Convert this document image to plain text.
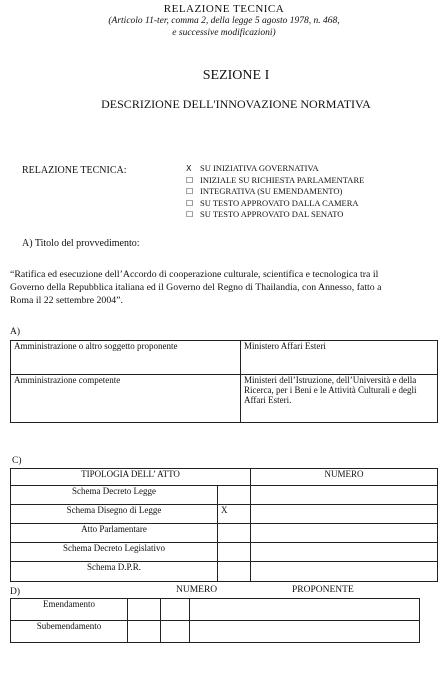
RELAZIONE TECNICA
(Articolo 11-ter, comma 2, della legge 5 agosto 1978, n. 468,
e successive modificazioni)
SEZIONE I
DESCRIZIONE DELL'INNOVAZIONE NORMATIVA
RELAZIONE TECNICA:	X SU INIZIATIVA GOVERNATIVA
☐ INIZIALE SU RICHIESTA PARLAMENTARE
☐ INTEGRATIVA (SU EMENDAMENTO)
☐ SU TESTO APPROVATO DALLA CAMERA
☐ SU TESTO APPROVATO DAL SENATO
A) Titolo del provvedimento:
“Ratifica ed esecuzione dell’Accordo di cooperazione culturale, scientifica e tecnologica tra il
Governo della Repubblica italiana ed il Governo del Regno di Thailandia, con Annesso, fatto a
Roma il 22 settembre 2004”.
A)
Amministrazione o altro soggetto proponente	Ministero Affari Esteri

Amministrazione competente	Ministeri dell’Istruzione, dell’Università e della
Ricerca, per i Beni e le Attività Culturali e degli
Affari Esteri.
C)
TIPOLOGIA DELL’ ATTO		NUMERO
Schema Decreto Legge		
Schema Disegno di Legge	X	
Atto Parlamentare		
Schema Decreto Legislativo		
Schema D.P.R.		
D)	NUMERO	PROPONENTE
Emendamento			
Subemendamento			
